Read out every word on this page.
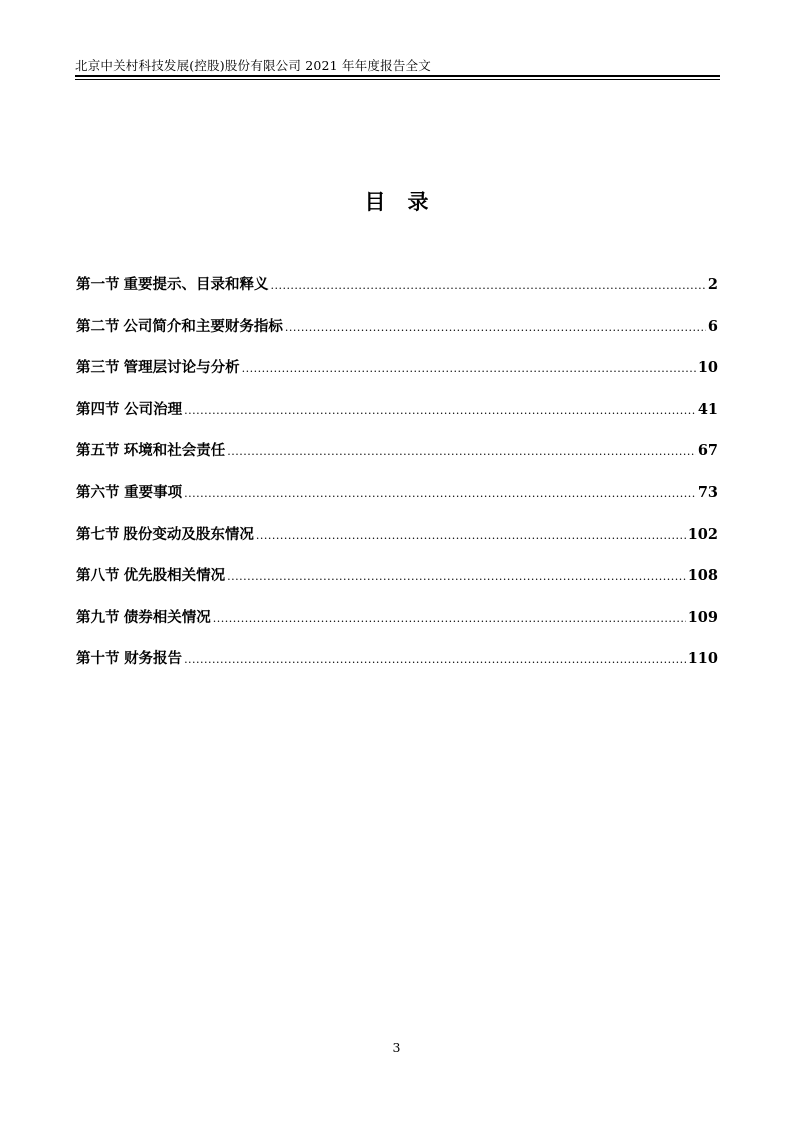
北京中关村科技发展(控股)股份有限公司 2021 年年度报告全文
目录
第一节 重要提示、目录和释义 .....	2
第二节 公司简介和主要财务指标 .....	6
第三节 管理层讨论与分析 .....	10
第四节 公司治理 .....	41
第五节 环境和社会责任 .....	67
第六节 重要事项 .....	73
第七节 股份变动及股东情况 .....	102
第八节 优先股相关情况 .....	108
第九节 债券相关情况 .....	109
第十节 财务报告 .....	110
3
